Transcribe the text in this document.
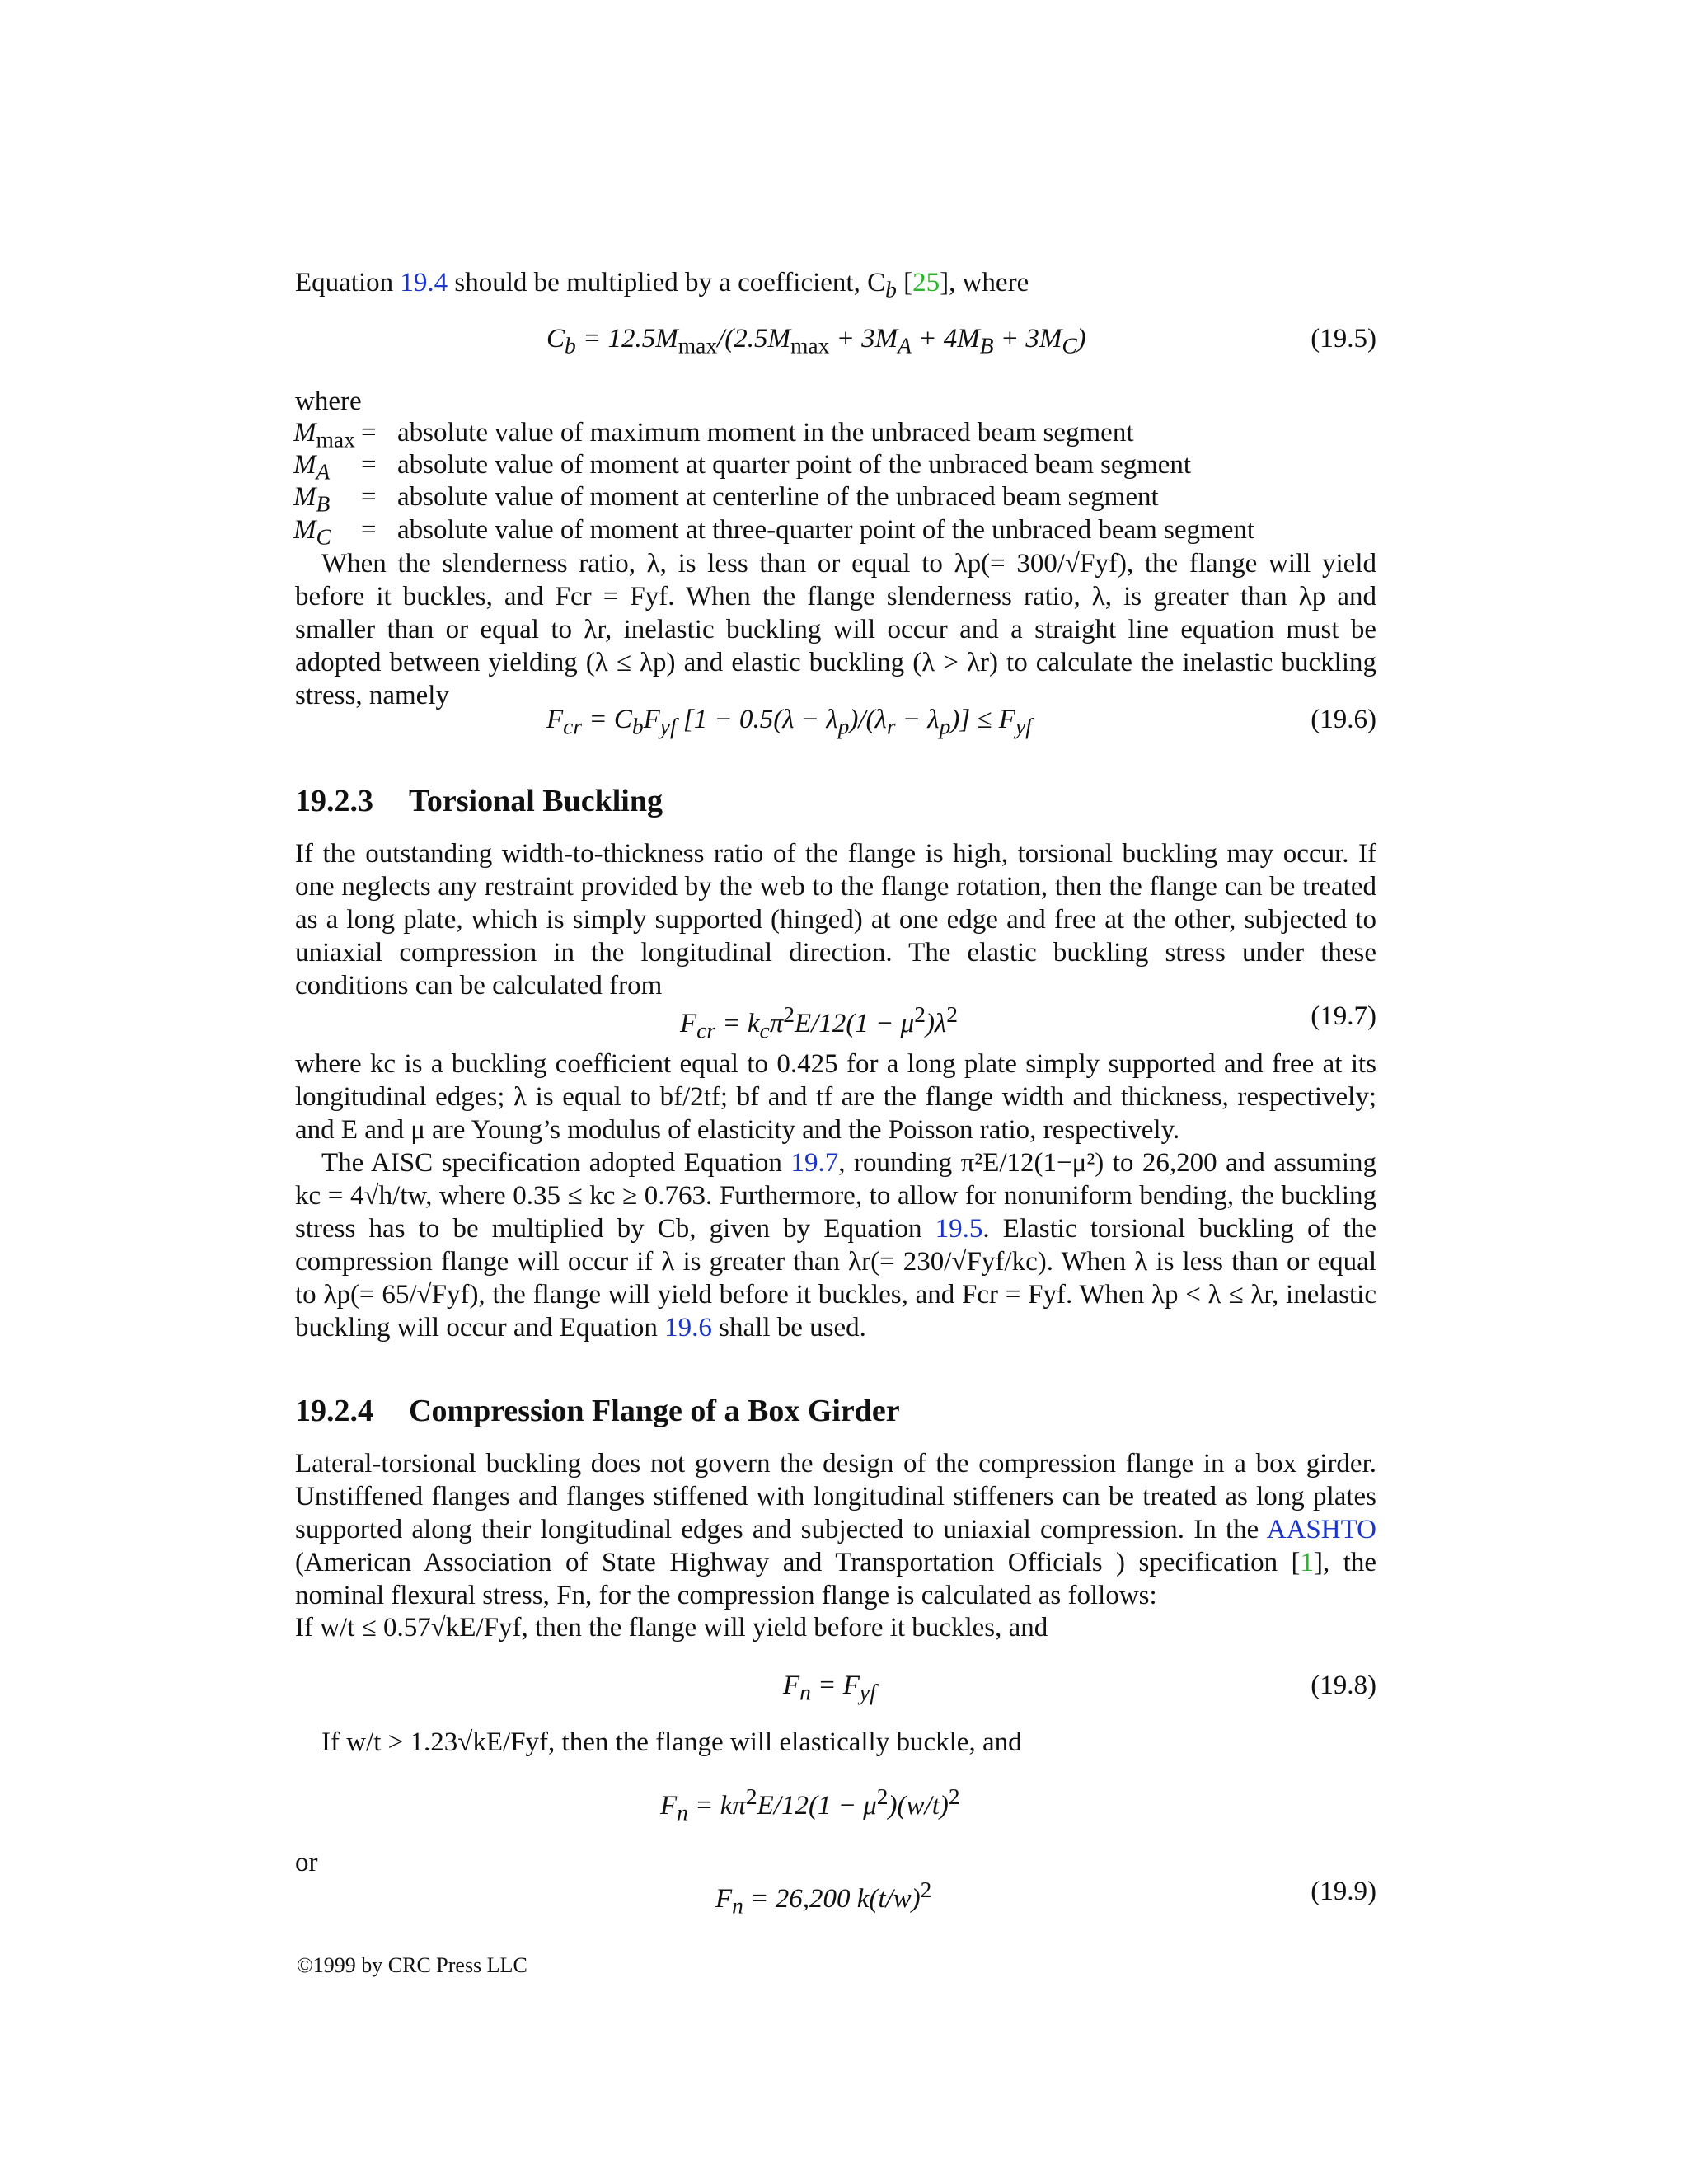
Equation 19.4 should be multiplied by a coefficient, $C_b$ [25], where

$C_b = 12.5M_{max}/(2.5M_{max} + 3M_A + 4M_B + 3M_C)$	(19.5)
where
$M_{max}$ = absolute value of maximum moment in the unbraced beam segment
$M_A$ = absolute value of moment at quarter point of the unbraced beam segment
$M_B$ = absolute value of moment at centerline of the unbraced beam segment
$M_C$ = absolute value of moment at three-quarter point of the unbraced beam segment

When the slenderness ratio, λ, is less than or equal to λp(= 300/√Fyf), the flange will yield before it buckles, and Fcr = Fyf. When the flange slenderness ratio, λ, is greater than λp and smaller than or equal to λr, inelastic buckling will occur and a straight line equation must be adopted between yielding (λ ≤ λp) and elastic buckling (λ > λr) to calculate the inelastic buckling stress, namely

$F_{cr} = C_bF_{yf}$ $[1 - 0.5(\lambda - \lambda_p)/(\lambda_r - \lambda_p)] \le F_{yf}$	(19.6)
19.2.3 Torsional Buckling

If the outstanding width-to-thickness ratio of the flange is high, torsional buckling may occur. If one neglects any restraint provided by the web to the flange rotation, then the flange can be treated as a long plate, which is simply supported (hinged) at one edge and free at the other, subjected to uniaxial compression in the longitudinal direction. The elastic buckling stress under these conditions can be calculated from

$F_{cr} = k_c\pi^2E/12(1 - \mu^2)\lambda^2$	(19.7)

where kc is a buckling coefficient equal to 0.425 for a long plate simply supported and free at its longitudinal edges; λ is equal to bf/2tf; bf and tf are the flange width and thickness, respectively; and E and μ are Young’s modulus of elasticity and the Poisson ratio, respectively.

The AISC specification adopted Equation 19.7, rounding π²E/12(1−μ²) to 26,200 and assuming kc = 4√h/tw, where 0.35 ≤ kc ≥ 0.763. Furthermore, to allow for nonuniform bending, the buckling stress has to be multiplied by Cb, given by Equation 19.5. Elastic torsional buckling of the compression flange will occur if λ is greater than λr(= 230/√Fyf/kc). When λ is less than or equal to λp(= 65/√Fyf), the flange will yield before it buckles, and Fcr = Fyf. When λp < λ ≤ λr, inelastic buckling will occur and Equation 19.6 shall be used.

19.2.4 Compression Flange of a Box Girder

Lateral-torsional buckling does not govern the design of the compression flange in a box girder. Unstiffened flanges and flanges stiffened with longitudinal stiffeners can be treated as long plates supported along their longitudinal edges and subjected to uniaxial compression. In the AASHTO (American Association of State Highway and Transportation Officials ) specification [1], the nominal flexural stress, Fn, for the compression flange is calculated as follows:

If w/t ≤ 0.57√kE/Fyf, then the flange will yield before it buckles, and

$F_n = F_{yf}$	(19.8)

If w/t > 1.23√kE/Fyf, then the flange will elastically buckle, and

$F_n = k\pi^2E/12(1 - \mu^2)(w/t)^2$
or
$F_n = 26,200$ $k(t/w)^2$	(19.9)
©1999 by CRC Press LLC
